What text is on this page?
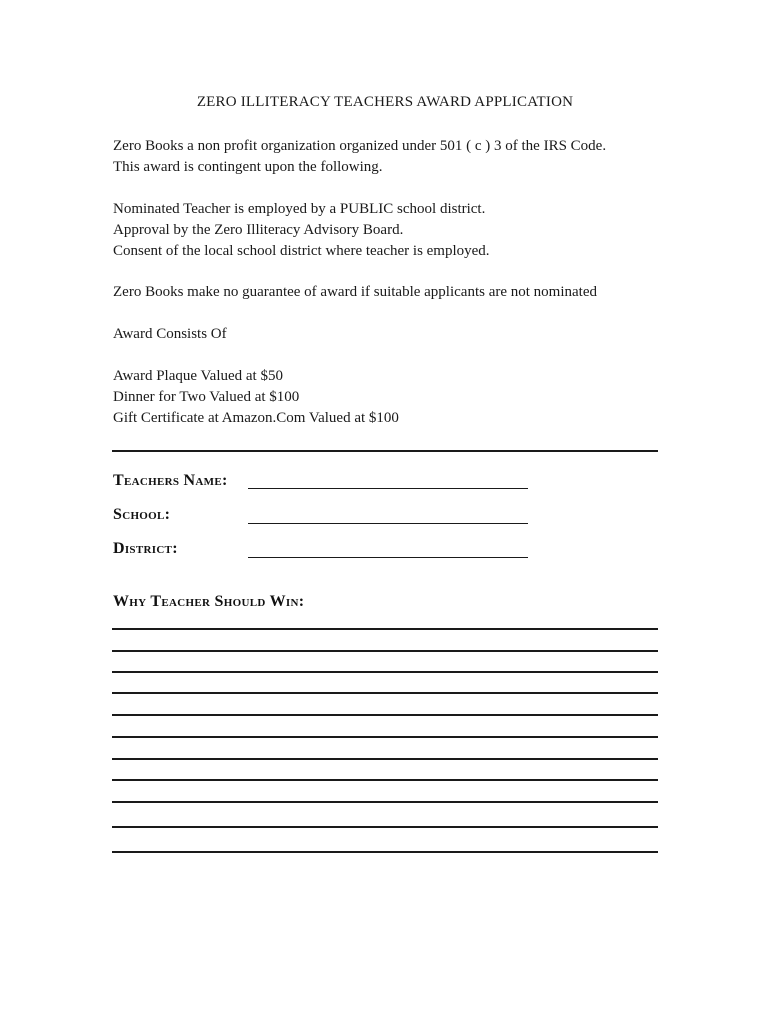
ZERO ILLITERACY TEACHERS AWARD APPLICATION
Zero Books a non profit organization organized under 501 ( c ) 3 of the IRS Code.
This award is contingent upon the following.
Nominated Teacher is employed by a PUBLIC school district.
Approval by the Zero Illiteracy Advisory Board.
Consent of the local school district where teacher is employed.
Zero Books make no guarantee of award if suitable applicants are not nominated
Award Consists Of
Award Plaque Valued at $50
Dinner for Two Valued at $100
Gift Certificate at Amazon.Com Valued at $100
Teachers Name:
School:
District:
Why Teacher Should Win:
